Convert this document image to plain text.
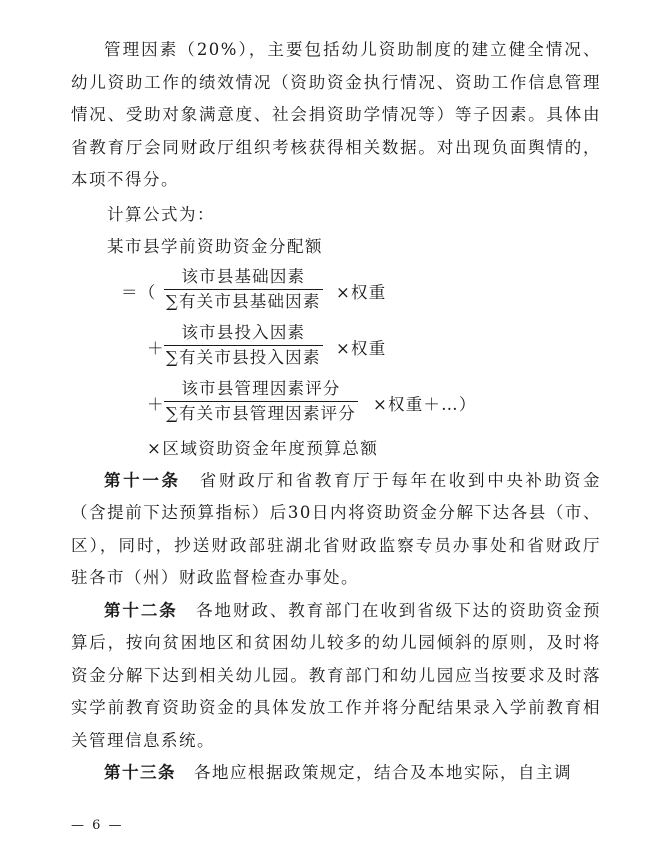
管理因素（20%），主要包括幼儿资助制度的建立健全情况、幼儿资助工作的绩效情况（资助资金执行情况、资助工作信息管理情况、受助对象满意度、社会捐资助学情况等）等子因素。具体由省教育厅会同财政厅组织考核获得相关数据。对出现负面舆情的，本项不得分。

计算公式为：

某市县学前资助资金分配额

＝（
该市县基础因素
∑有关市县基础因素 ×权重
＋
该市县投入因素
∑有关市县投入因素 ×权重
＋
该市县管理因素评分
∑有关市县管理因素评分 ×权重＋…）

×区域资助资金年度预算总额

第十一条　省财政厅和省教育厅于每年在收到中央补助资金（含提前下达预算指标）后30日内将资助资金分解下达各县（市、区），同时，抄送财政部驻湖北省财政监察专员办事处和省财政厅驻各市（州）财政监督检查办事处。

第十二条　各地财政、教育部门在收到省级下达的资助资金预算后，按向贫困地区和贫困幼儿较多的幼儿园倾斜的原则，及时将资金分解下达到相关幼儿园。教育部门和幼儿园应当按要求及时落实学前教育资助资金的具体发放工作并将分配结果录入学前教育相关管理信息系统。

第十三条　各地应根据政策规定，结合及本地实际，自主调

— 6 —
